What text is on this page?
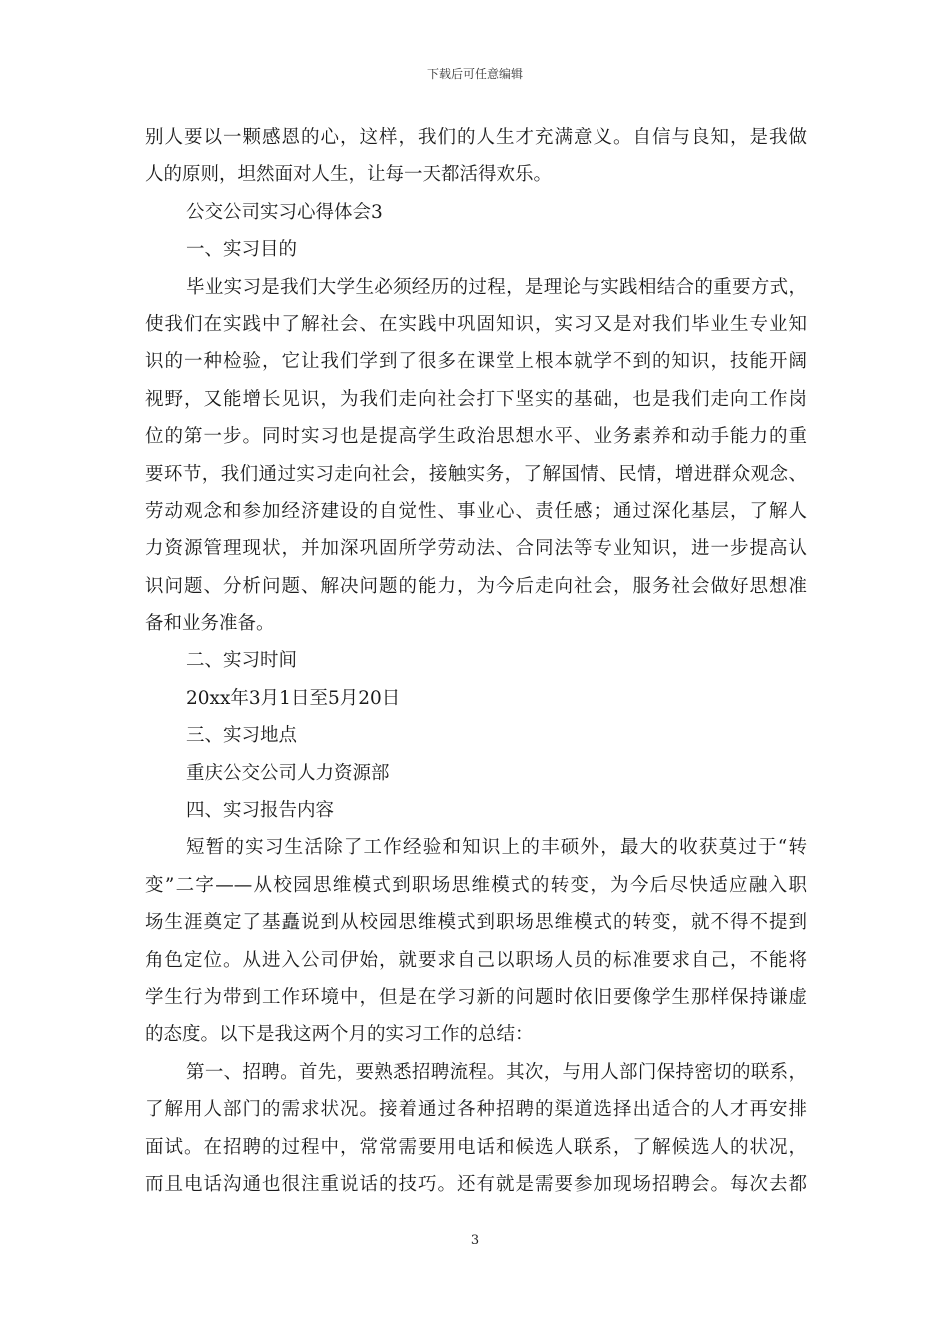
下载后可任意编辑
别人要以一颗感恩的心，这样，我们的人生才充满意义。自信与良知，是我做
人的原则，坦然面对人生，让每一天都活得欢乐。
公交公司实习心得体会3
一、实习目的
毕业实习是我们大学生必须经历的过程，是理论与实践相结合的重要方式，
使我们在实践中了解社会、在实践中巩固知识，实习又是对我们毕业生专业知
识的一种检验，它让我们学到了很多在课堂上根本就学不到的知识，技能开阔
视野，又能增长见识，为我们走向社会打下坚实的基础，也是我们走向工作岗
位的第一步。同时实习也是提高学生政治思想水平、业务素养和动手能力的重
要环节，我们通过实习走向社会，接触实务，了解国情、民情，增进群众观念、
劳动观念和参加经济建设的自觉性、事业心、责任感；通过深化基层，了解人
力资源管理现状，并加深巩固所学劳动法、合同法等专业知识，进一步提高认
识问题、分析问题、解决问题的能力，为今后走向社会，服务社会做好思想准
备和业务准备。
二、实习时间
20xx年3月1日至5月20日
三、实习地点
重庆公交公司人力资源部
四、实习报告内容
短暂的实习生活除了工作经验和知识上的丰硕外，最大的收获莫过于“转
变”二字——从校园思维模式到职场思维模式的转变，为今后尽快适应融入职
场生涯奠定了基矗说到从校园思维模式到职场思维模式的转变，就不得不提到
角色定位。从进入公司伊始，就要求自己以职场人员的标准要求自己，不能将
学生行为带到工作环境中，但是在学习新的问题时依旧要像学生那样保持谦虚
的态度。以下是我这两个月的实习工作的总结：
第一、招聘。首先，要熟悉招聘流程。其次，与用人部门保持密切的联系，
了解用人部门的需求状况。接着通过各种招聘的渠道选择出适合的人才再安排
面试。在招聘的过程中，常常需要用电话和候选人联系，了解候选人的状况，
而且电话沟通也很注重说话的技巧。还有就是需要参加现场招聘会。每次去都
3
